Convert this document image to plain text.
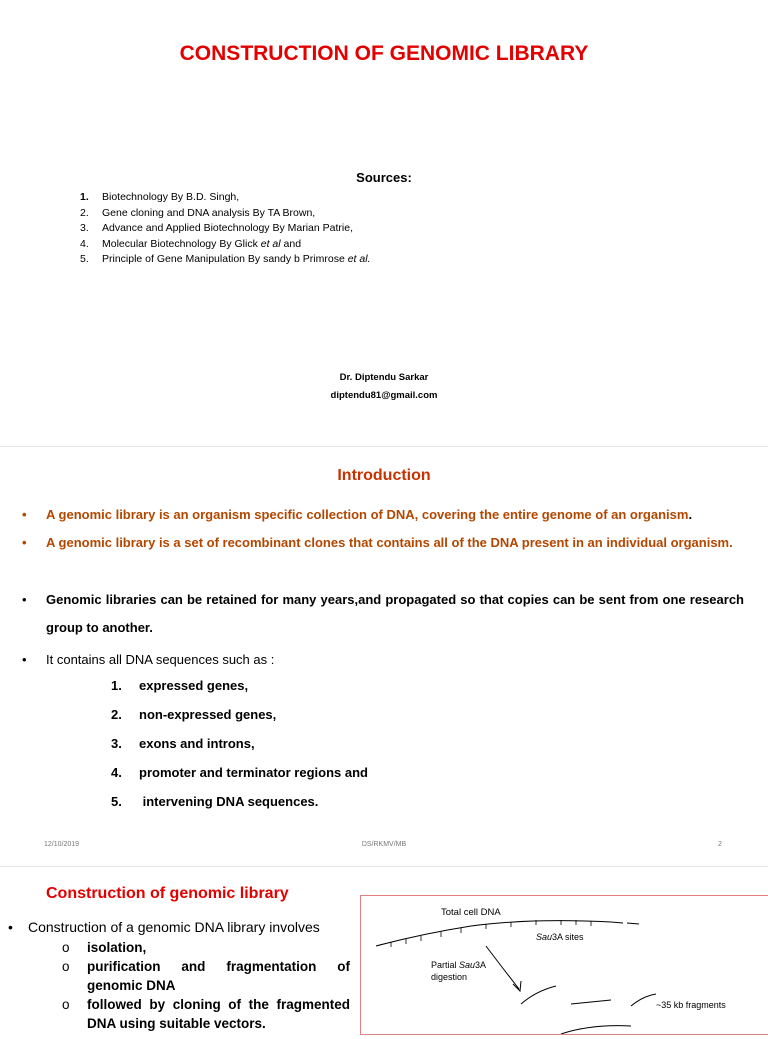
CONSTRUCTION OF GENOMIC LIBRARY
Sources:
1.	Biotechnology By B.D. Singh,
2.	Gene cloning and DNA analysis By TA Brown,
3.	Advance and Applied Biotechnology By Marian Patrie,
4.	Molecular Biotechnology By Glick et al and
5.	Principle of Gene Manipulation By sandy b Primrose et al.
Dr. Diptendu Sarkar
diptendu81@gmail.com
Introduction
•	A genomic library is an organism specific collection of DNA, covering the entire genome of an organism.
•	A genomic library is a set of recombinant clones that contains all of the DNA present in an individual organism.
•	Genomic libraries can be retained for many years,and propagated so that copies can be sent from one research group to another.
•	It contains all DNA sequences such as :
1. expressed genes,
2. non-expressed genes,
3. exons and introns,
4. promoter and terminator regions and
5. intervening DNA sequences.
12/10/2019	DS/RKMV/MB	2
Construction of genomic library
• Construction of a genomic DNA library involves
o	isolation,
o	purification and fragmentation of
genomic DNA
o	followed by cloning of the fragmented
DNA using suitable vectors.
Total cell DNA
Sau3A sites
Partial Sau3A
digestion
~35 kb fragments
